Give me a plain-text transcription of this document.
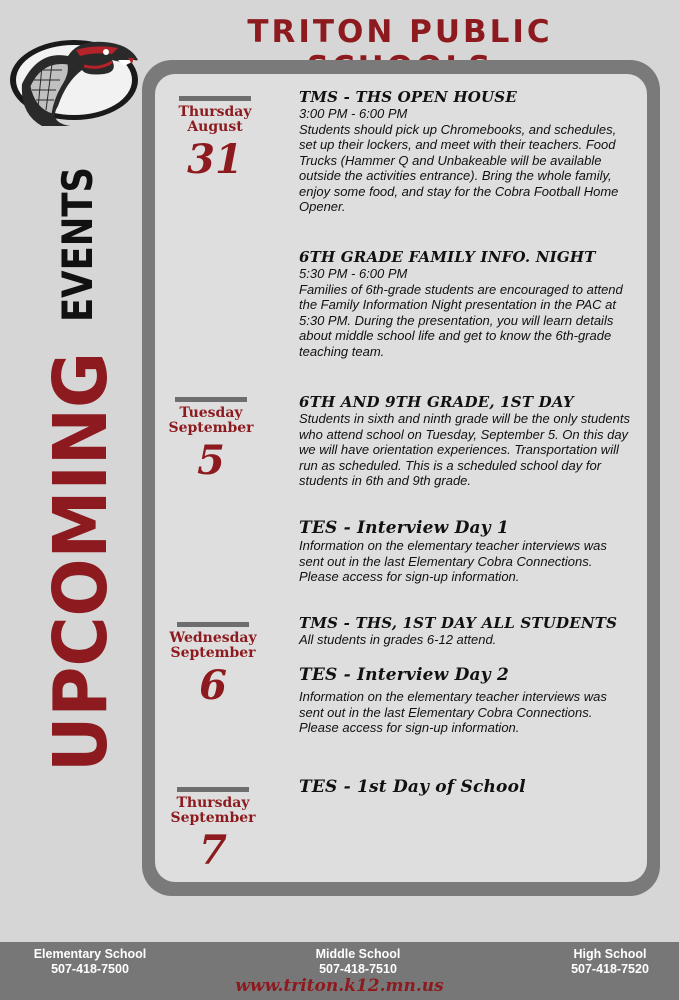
TRITON PUBLIC
UPCOMING
EVENTS
Thursday
August
31
Tuesday
September
5
Wednesday
September
6
Thursday
September
7
TMS - THS OPEN HOUSE
3:00 PM - 6:00 PM
Students should pick up Chromebooks, and schedules, set up their lockers, and meet with their teachers. Food Trucks (Hammer Q and Unbakeable will be available outside the activities entrance). Bring the whole family, enjoy some food, and stay for the Cobra Football Home Opener.
6TH GRADE FAMILY INFO. NIGHT
5:30 PM - 6:00 PM
Families of 6th-grade students are encouraged to attend the Family Information Night presentation in the PAC at 5:30 PM. During the presentation, you will learn details about middle school life and get to know the 6th-grade teaching team.
6TH AND 9TH GRADE, 1ST DAY
Students in sixth and ninth grade will be the only students who attend school on Tuesday, September 5. On this day we will have orientation experiences. Transportation will run as scheduled. This is a scheduled school day for students in 6th and 9th grade.
TES - Interview Day 1
Information on the elementary teacher interviews was sent out in the last Elementary Cobra Connections. Please access for sign-up information.
TMS - THS, 1ST DAY ALL STUDENTS
All students in grades 6-12 attend.
TES - Interview Day 2
Information on the elementary teacher interviews was sent out in the last Elementary Cobra Connections. Please access for sign-up information.
TES - 1st Day of School
Elementary School
507-418-7500
Middle School
507-418-7510
High School
507-418-7520
www.triton.k12.mn.us
